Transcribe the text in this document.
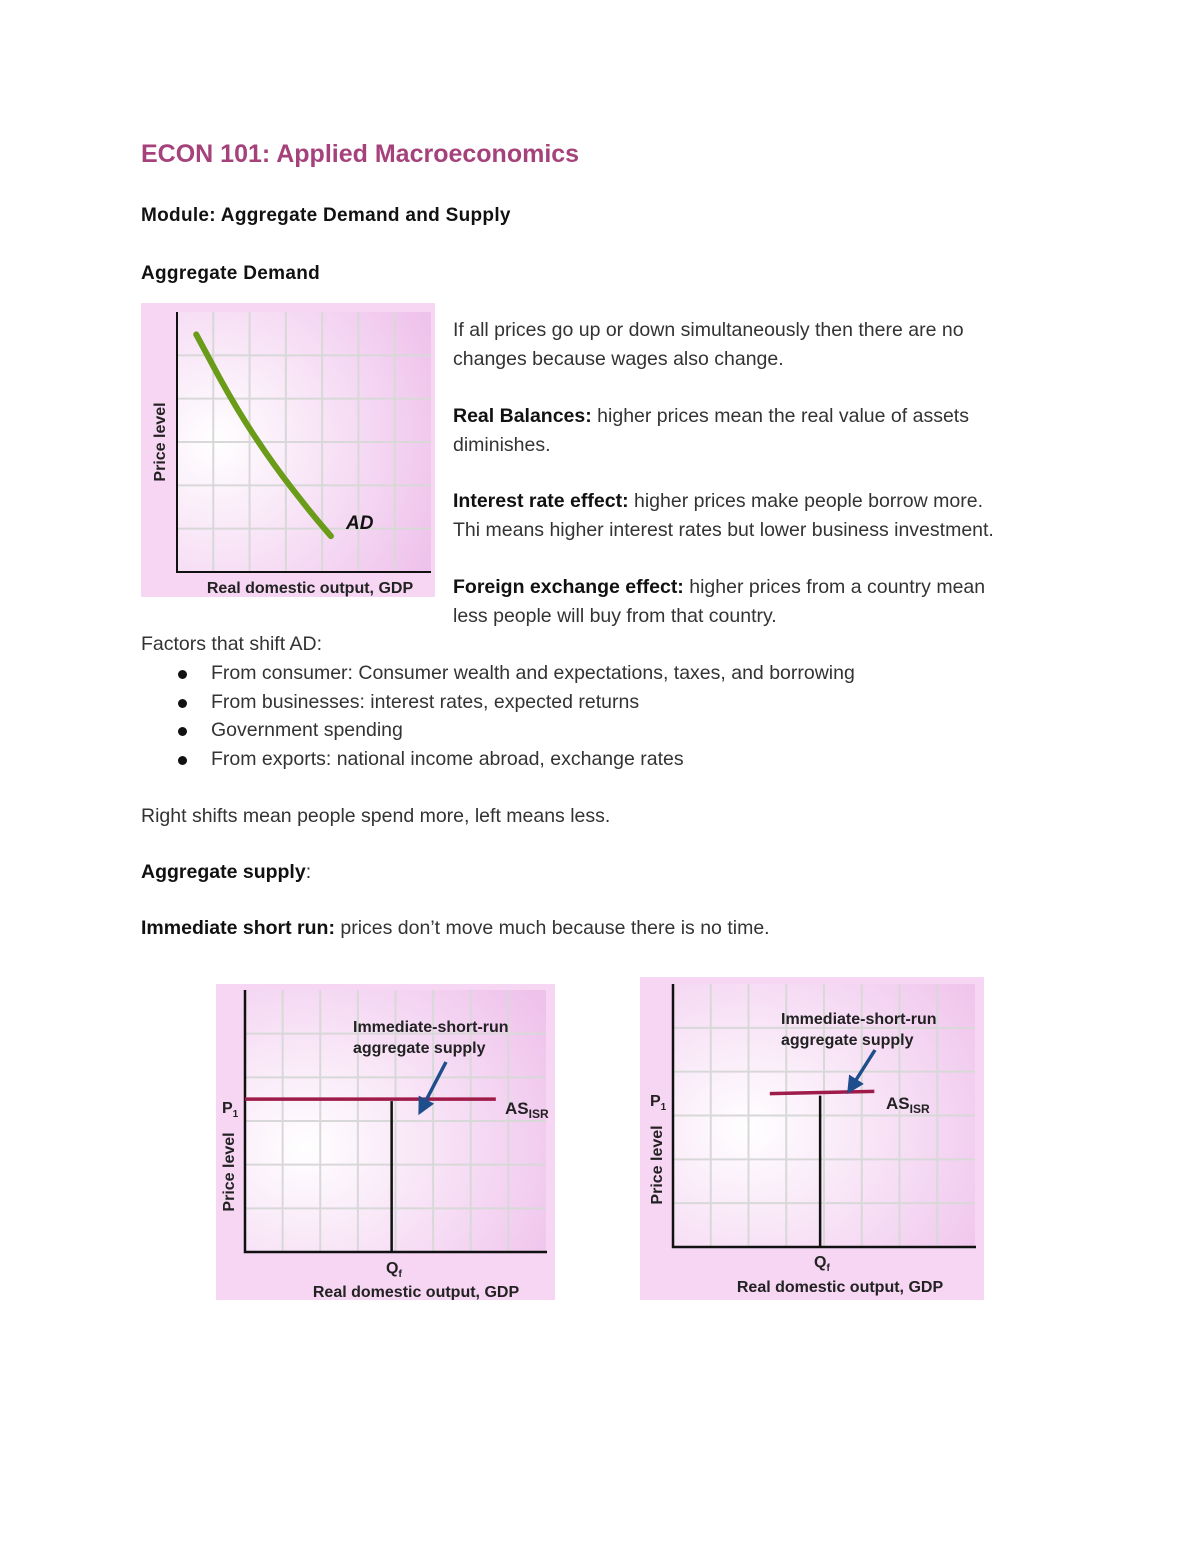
ECON 101: Applied Macroeconomics
Module: Aggregate Demand and Supply
Aggregate Demand
AD
Price level
Real domestic output, GDP
If all prices go up or down simultaneously then there are no
changes because wages also change.
Real Balances: higher prices mean the real value of assets
diminishes.
Interest rate effect: higher prices make people borrow more.
Thi means higher interest rates but lower business investment.
Foreign exchange effect: higher prices from a country mean
less people will buy from that country.
Factors that shift AD:
From consumer: Consumer wealth and expectations, taxes, and borrowing
From businesses: interest rates, expected returns
Government spending
From exports: national income abroad, exchange rates
Right shifts mean people spend more, left means less.
Aggregate supply:
Immediate short run: prices don’t move much because there is no time.
Immediate-short-run aggregate supply
$AS_{ISR}$
$P_1$
$Q_f$
Price level
Real domestic output, GDP
Immediate-short-run aggregate supply
$AS_{ISR}$
$P_1$
$Q_f$
Price level
Real domestic output, GDP
